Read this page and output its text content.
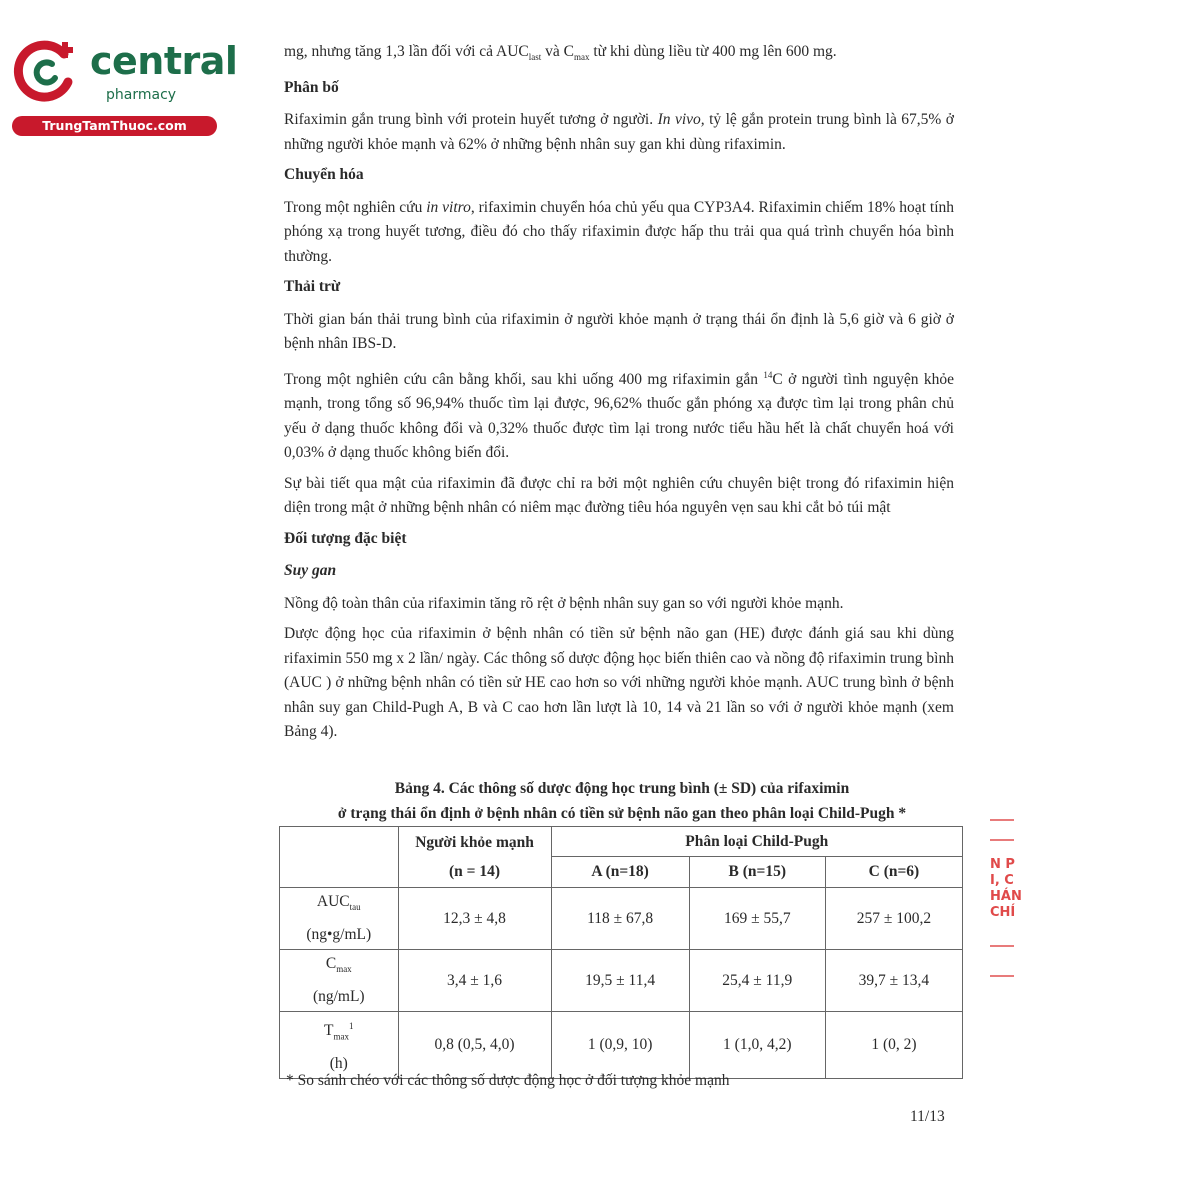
central
pharmacy
TrungTamThuoc.com

mg, nhưng tăng 1,3 lần đối với cả $AUC_{last}$ và $C_{max}$ từ khi dùng liều từ 400 mg lên 600 mg.

Phân bố

Rifaximin gắn trung bình với protein huyết tương ở người. In vivo, tỷ lệ gắn protein trung bình là 67,5% ở những người khỏe mạnh và 62% ở những bệnh nhân suy gan khi dùng rifaximin.

Chuyển hóa

Trong một nghiên cứu in vitro, rifaximin chuyển hóa chủ yếu qua CYP3A4. Rifaximin chiếm 18% hoạt tính phóng xạ trong huyết tương, điều đó cho thấy rifaximin được hấp thu trải qua quá trình chuyển hóa bình thường.

Thải trừ

Thời gian bán thải trung bình của rifaximin ở người khỏe mạnh ở trạng thái ổn định là 5,6 giờ và 6 giờ ở bệnh nhân IBS-D.

Trong một nghiên cứu cân bằng khối, sau khi uống 400 mg rifaximin gắn $^{14}$C ở người tình nguyện khỏe mạnh, trong tổng số 96,94% thuốc tìm lại được, 96,62% thuốc gắn phóng xạ được tìm lại trong phân chủ yếu ở dạng thuốc không đổi và 0,32% thuốc được tìm lại trong nước tiểu hầu hết là chất chuyển hoá với 0,03% ở dạng thuốc không biến đổi.

Sự bài tiết qua mật của rifaximin đã được chỉ ra bởi một nghiên cứu chuyên biệt trong đó rifaximin hiện diện trong mật ở những bệnh nhân có niêm mạc đường tiêu hóa nguyên vẹn sau khi cắt bỏ túi mật

Đối tượng đặc biệt

Suy gan

Nồng độ toàn thân của rifaximin tăng rõ rệt ở bệnh nhân suy gan so với người khỏe mạnh.

Dược động học của rifaximin ở bệnh nhân có tiền sử bệnh não gan (HE) được đánh giá sau khi dùng rifaximin 550 mg x 2 lần/ ngày. Các thông số dược động học biến thiên cao và nồng độ rifaximin trung bình (AUC ) ở những bệnh nhân có tiền sử HE cao hơn so với những người khỏe mạnh. AUC trung bình ở bệnh nhân suy gan Child-Pugh A, B và C cao hơn lần lượt là 10, 14 và 21 lần so với ở người khỏe mạnh (xem Bảng 4).

Bảng 4. Các thông số dược động học trung bình (± SD) của rifaximin
ở trạng thái ổn định ở bệnh nhân có tiền sử bệnh não gan theo phân loại Child-Pugh *

	Người khỏe mạnh
(n = 14)	Phân loại Child-Pugh		
		A (n=18)	B (n=15)	C (n=6)

$AUC_{tau}$
(ng•g/mL)	12,3 ± 4,8	118 ± 67,8	169 ± 55,7	257 ± 100,2

$C_{max}$
(ng/mL)	3,4 ± 1,6	19,5 ± 11,4	25,4 ± 11,9	39,7 ± 13,4

$T_{max}^1$
(h)	0,8 (0,5, 4,0)	1 (0,9, 10)	1 (1,0, 4,2)	1 (0, 2)
* So sánh chéo với các thông số dược động học ở đối tượng khỏe mạnh
11/13
N P
I, C
HÁN
CHÍ
